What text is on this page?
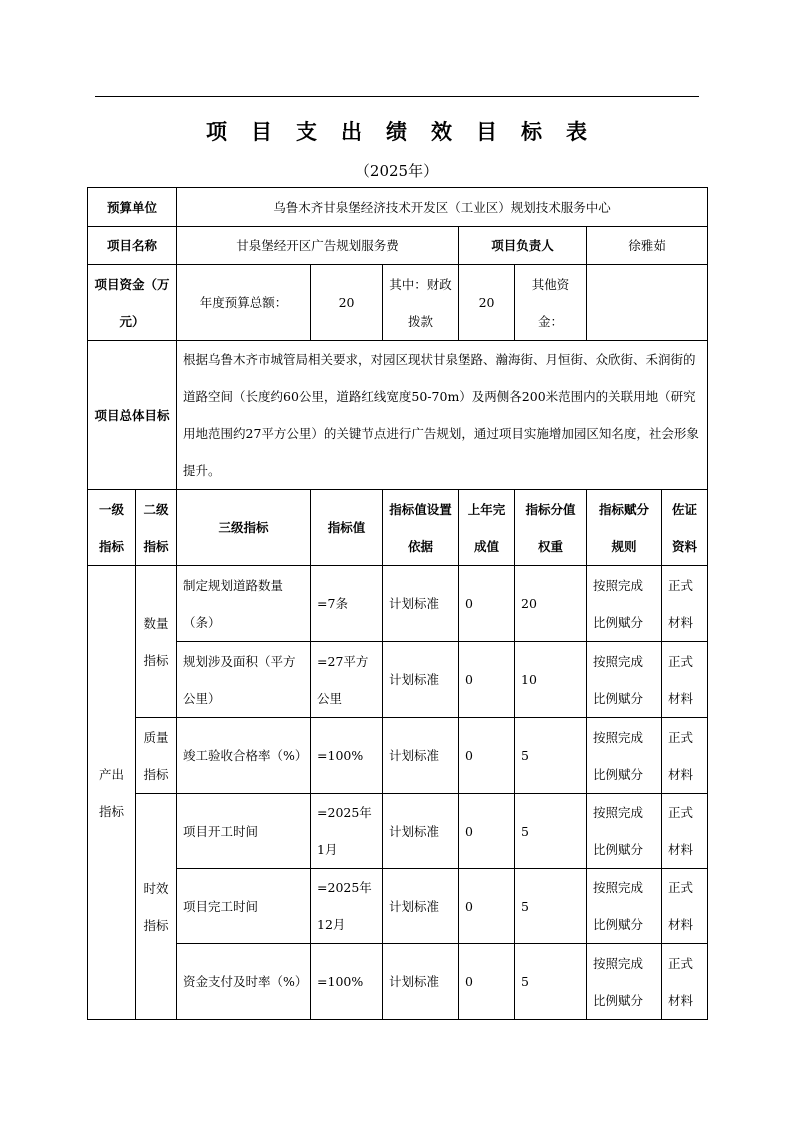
项目支出绩效目标表
（2025年）
预算单位		乌鲁木齐甘泉堡经济技术开发区（工业区）规划技术服务中心						
项目名称		甘泉堡经开区广告规划服务费			项目负责人		徐雅茹	
项目资金（万元）		年度预算总额：	20	其中：财政拨款	20	其他资金：		
项目总体目标		根据乌鲁木齐市城管局相关要求，对园区现状甘泉堡路、瀚海街、月恒街、众欣街、禾润街的道路空间（长度约60公里，道路红线宽度50-70m）及两侧各200米范围内的关联用地（研究用地范围约27平方公里）的关键节点进行广告规划，通过项目实施增加园区知名度，社会形象提升。						
一级指标	二级指标	三级指标	指标值	指标值设置依据	上年完成值	指标分值权重	指标赋分规则	佐证资料
产出指标	数量指标	制定规划道路数量（条）	=7条	计划标准	0	20	按照完成比例赋分	正式材料
		规划涉及面积（平方公里）	=27平方公里	计划标准	0	10	按照完成比例赋分	正式材料
	质量指标	竣工验收合格率（%）	=100%	计划标准	0	5	按照完成比例赋分	正式材料
	时效指标	项目开工时间	=2025年1月	计划标准	0	5	按照完成比例赋分	正式材料
		项目完工时间	=2025年12月	计划标准	0	5	按照完成比例赋分	正式材料
		资金支付及时率（%）	=100%	计划标准	0	5	按照完成比例赋分	正式材料
